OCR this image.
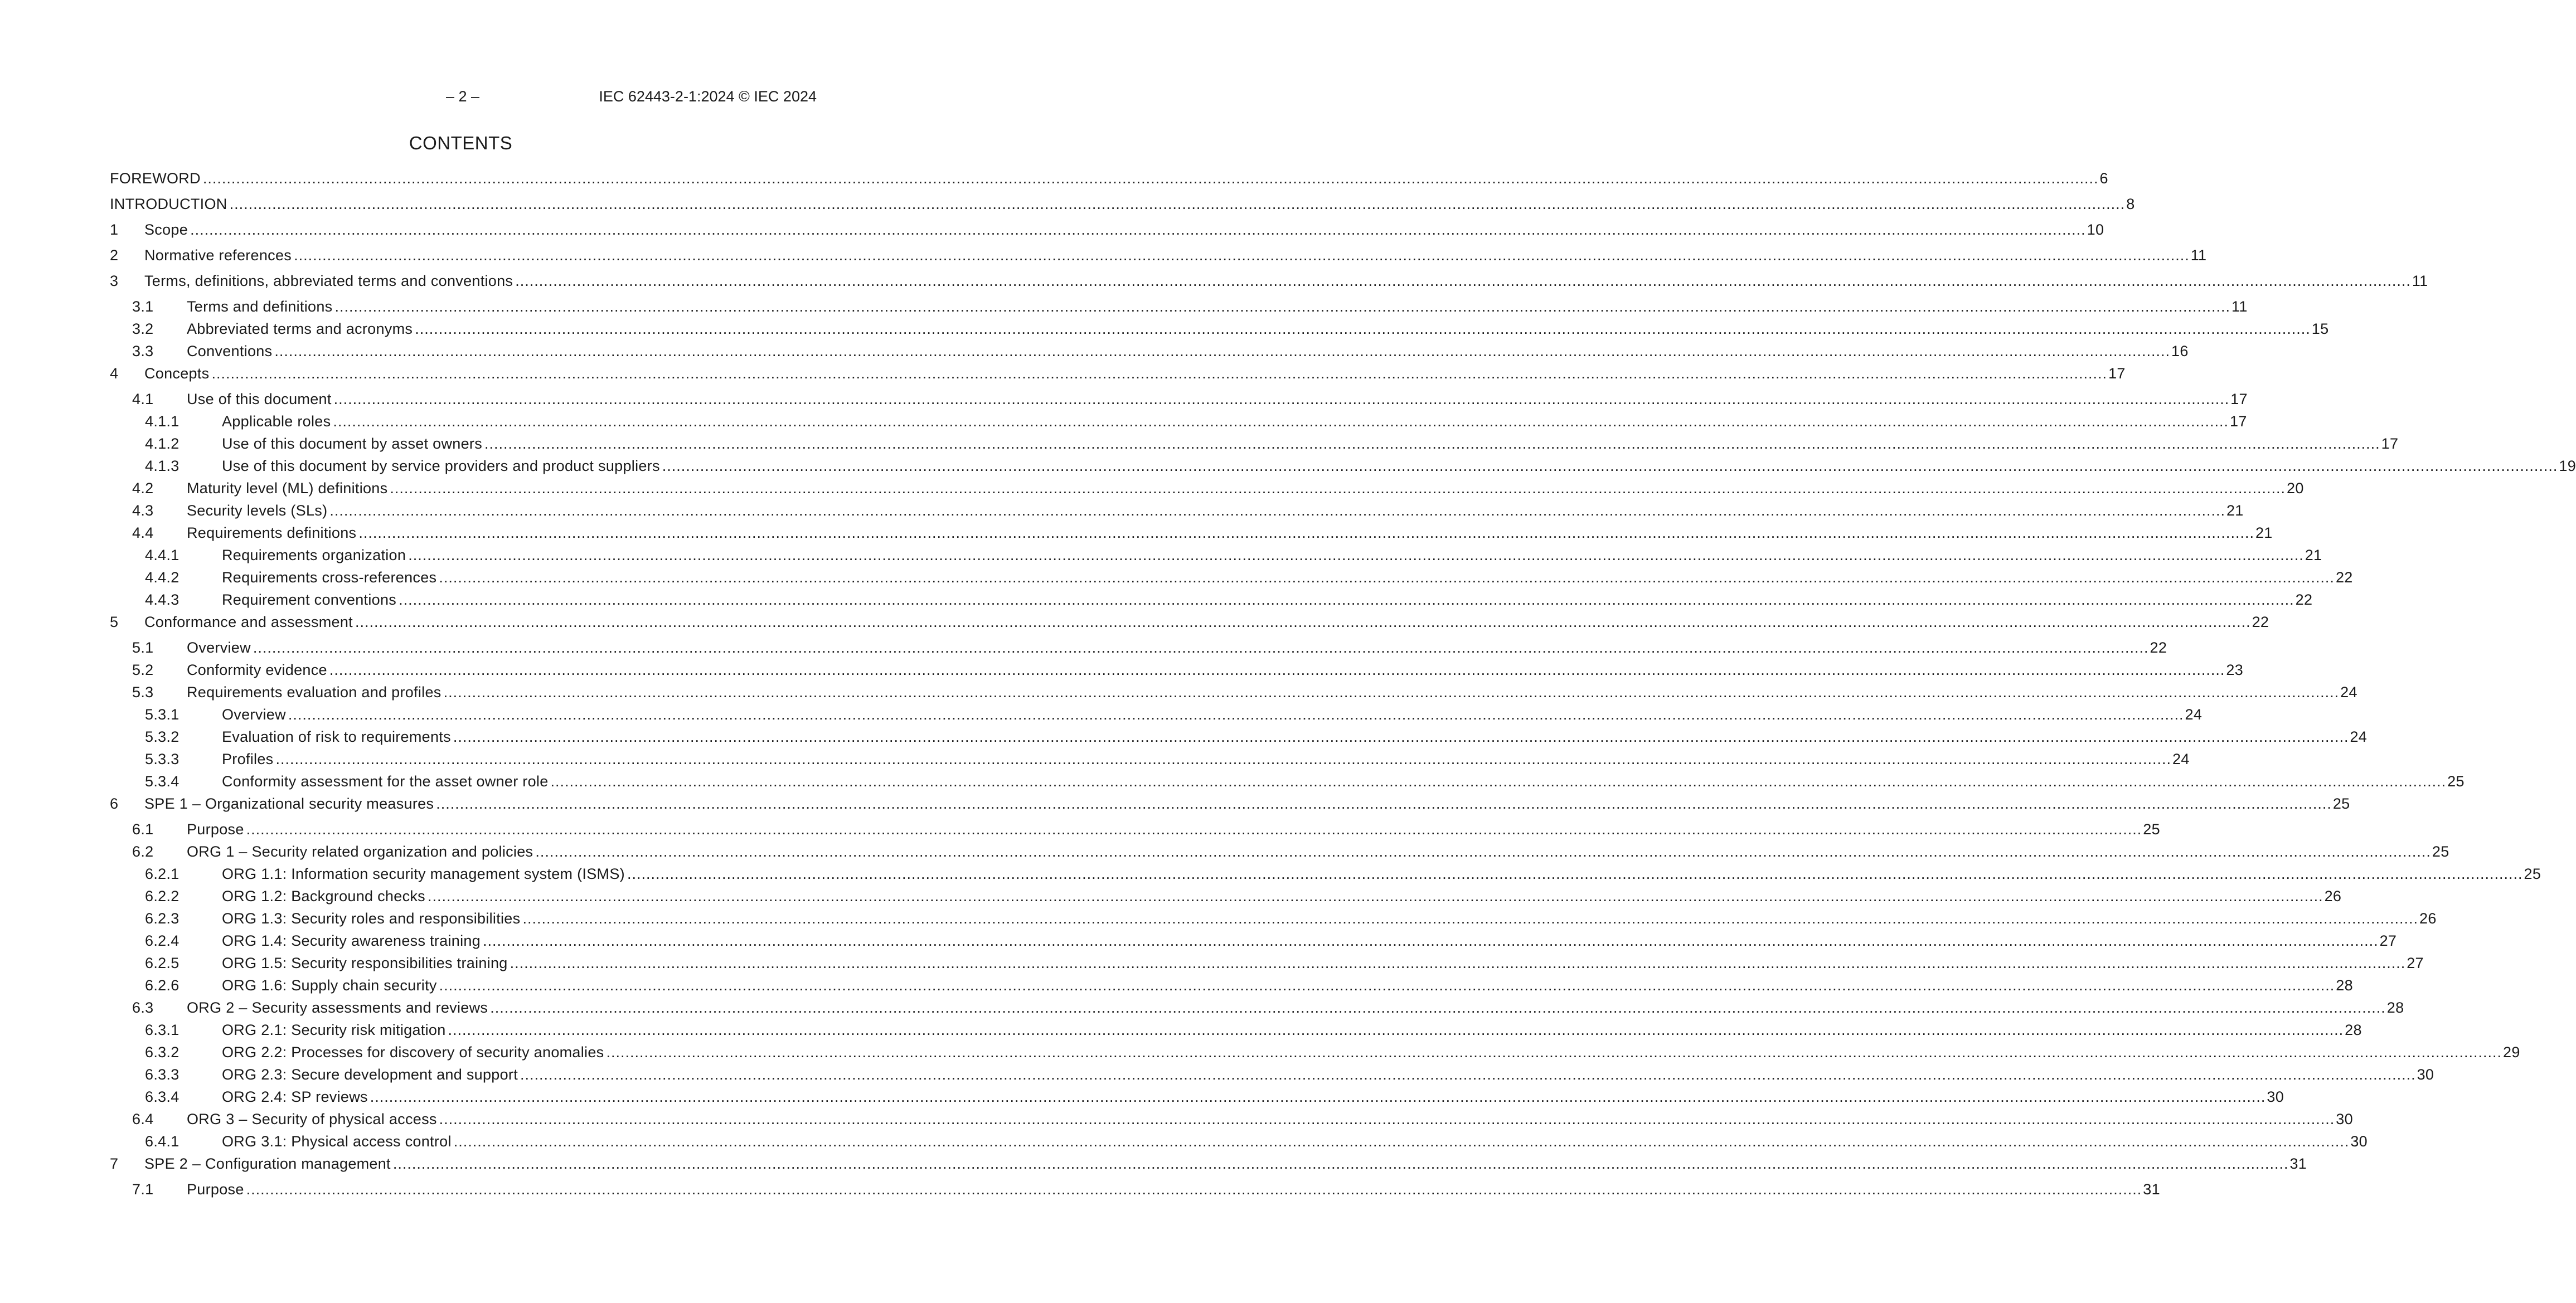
– 2 –	IEC 62443-2-1:2024 © IEC 2024
CONTENTS
FOREWORD ................................................................................................................................................................................................................................................................................................................................................................................................................ 6
INTRODUCTION ................................................................................................................................................................................................................................................................................................................................................................................................................ 8
1 Scope ................................................................................................................................................................................................................................................................................................................................................................................................................ 10
2 Normative references ................................................................................................................................................................................................................................................................................................................................................................................................................ 11
3 Terms, definitions, abbreviated terms and conventions ................................................................................................................................................................................................................................................................................................................................................................................................................ 11
3.1 Terms and definitions ................................................................................................................................................................................................................................................................................................................................................................................................................ 11
3.2 Abbreviated terms and acronyms ................................................................................................................................................................................................................................................................................................................................................................................................................ 15
3.3 Conventions ................................................................................................................................................................................................................................................................................................................................................................................................................ 16
4 Concepts ................................................................................................................................................................................................................................................................................................................................................................................................................ 17
4.1 Use of this document ................................................................................................................................................................................................................................................................................................................................................................................................................ 17
4.1.1	Applicable roles ................................................................................................................................................................................................................................................................................................................................................................................................................ 17
4.1.2	Use of this document by asset owners ................................................................................................................................................................................................................................................................................................................................................................................................................ 17
4.1.3	Use of this document by service providers and product suppliers ................................................................................................................................................................................................................................................................................................................................................................................................................ 19
4.2 Maturity level (ML) definitions ................................................................................................................................................................................................................................................................................................................................................................................................................ 20
4.3 Security levels (SLs) ................................................................................................................................................................................................................................................................................................................................................................................................................ 21
4.4 Requirements definitions ................................................................................................................................................................................................................................................................................................................................................................................................................ 21
4.4.1	Requirements organization ................................................................................................................................................................................................................................................................................................................................................................................................................ 21
4.4.2	Requirements cross-references ................................................................................................................................................................................................................................................................................................................................................................................................................ 22
4.4.3	Requirement conventions ................................................................................................................................................................................................................................................................................................................................................................................................................ 22
5 Conformance and assessment ................................................................................................................................................................................................................................................................................................................................................................................................................ 22
5.1 Overview ................................................................................................................................................................................................................................................................................................................................................................................................................ 22
5.2 Conformity evidence ................................................................................................................................................................................................................................................................................................................................................................................................................ 23
5.3 Requirements evaluation and profiles ................................................................................................................................................................................................................................................................................................................................................................................................................ 24
5.3.1	Overview ................................................................................................................................................................................................................................................................................................................................................................................................................ 24
5.3.2	Evaluation of risk to requirements ................................................................................................................................................................................................................................................................................................................................................................................................................ 24
5.3.3	Profiles ................................................................................................................................................................................................................................................................................................................................................................................................................ 24
5.3.4	Conformity assessment for the asset owner role ................................................................................................................................................................................................................................................................................................................................................................................................................ 25
6 SPE 1 – Organizational security measures ................................................................................................................................................................................................................................................................................................................................................................................................................ 25
6.1 Purpose ................................................................................................................................................................................................................................................................................................................................................................................................................ 25
6.2 ORG 1 – Security related organization and policies ................................................................................................................................................................................................................................................................................................................................................................................................................ 25
6.2.1	ORG 1.1: Information security management system (ISMS) ................................................................................................................................................................................................................................................................................................................................................................................................................ 25
6.2.2	ORG 1.2: Background checks ................................................................................................................................................................................................................................................................................................................................................................................................................ 26
6.2.3	ORG 1.3: Security roles and responsibilities ................................................................................................................................................................................................................................................................................................................................................................................................................ 26
6.2.4	ORG 1.4: Security awareness training ................................................................................................................................................................................................................................................................................................................................................................................................................ 27
6.2.5	ORG 1.5: Security responsibilities training ................................................................................................................................................................................................................................................................................................................................................................................................................ 27
6.2.6	ORG 1.6: Supply chain security ................................................................................................................................................................................................................................................................................................................................................................................................................ 28
6.3 ORG 2 – Security assessments and reviews ................................................................................................................................................................................................................................................................................................................................................................................................................ 28
6.3.1	ORG 2.1: Security risk mitigation ................................................................................................................................................................................................................................................................................................................................................................................................................ 28
6.3.2	ORG 2.2: Processes for discovery of security anomalies ................................................................................................................................................................................................................................................................................................................................................................................................................ 29
6.3.3	ORG 2.3: Secure development and support ................................................................................................................................................................................................................................................................................................................................................................................................................ 30
6.3.4	ORG 2.4: SP reviews ................................................................................................................................................................................................................................................................................................................................................................................................................ 30
6.4 ORG 3 – Security of physical access ................................................................................................................................................................................................................................................................................................................................................................................................................ 30
6.4.1	ORG 3.1: Physical access control ................................................................................................................................................................................................................................................................................................................................................................................................................ 30
7 SPE 2 – Configuration management ................................................................................................................................................................................................................................................................................................................................................................................................................ 31
7.1 Purpose ................................................................................................................................................................................................................................................................................................................................................................................................................ 31
